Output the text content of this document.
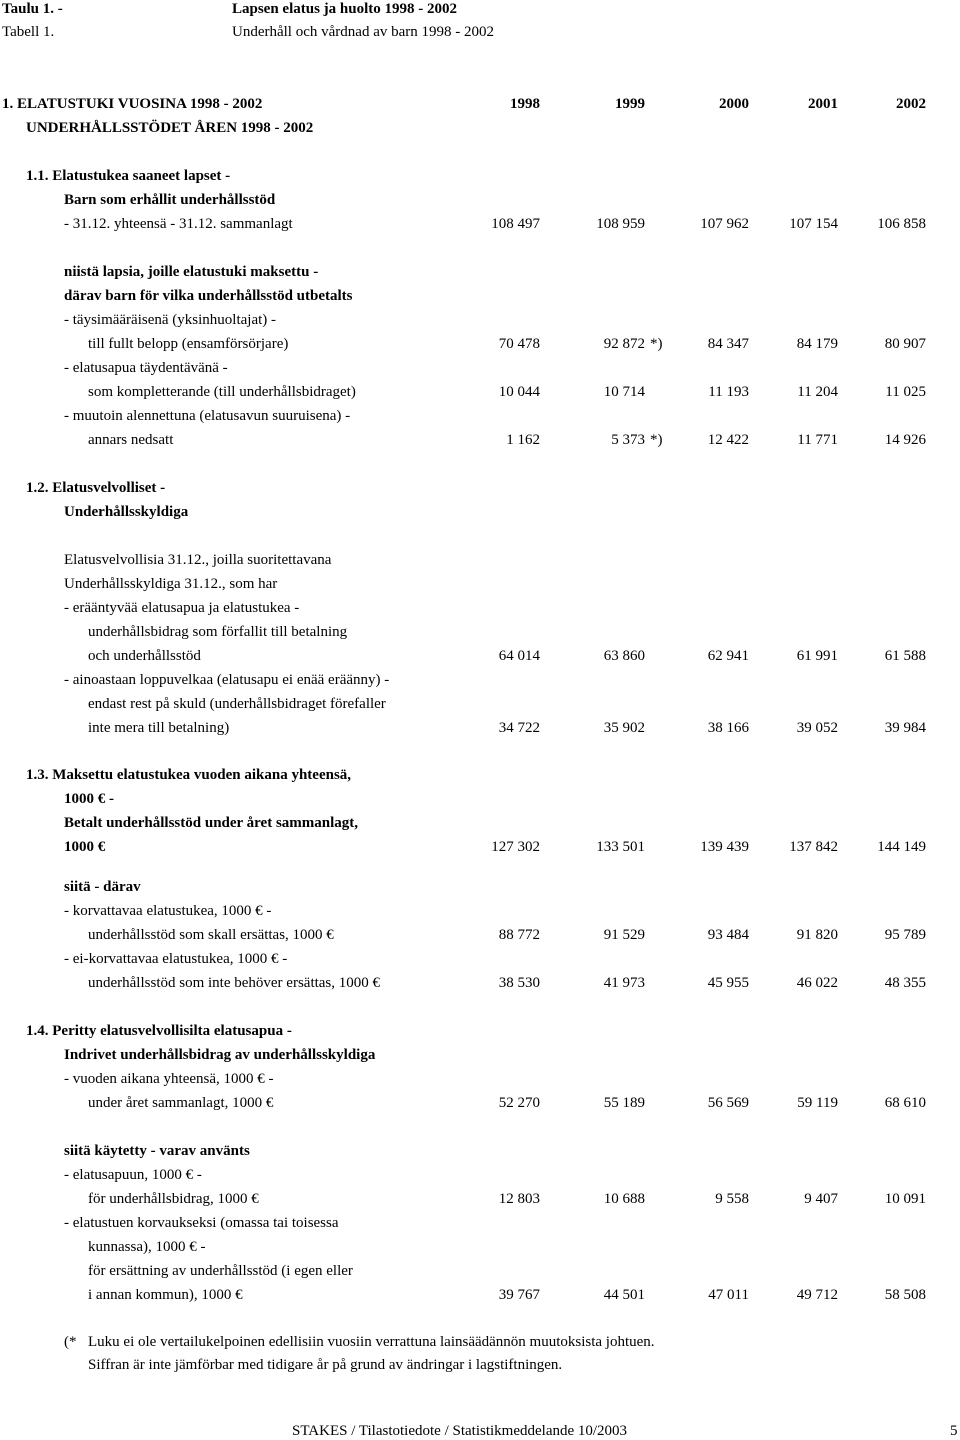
Taulu 1. -
Tabell 1.
Lapsen elatus ja huolto 1998 - 2002
Underhåll och vårdnad av barn 1998 - 2002
1. ELATUSTUKI VUOSINA 1998 - 2002
UNDERHÅLLSSTÖDET ÅREN 1998 - 2002
1998	1999	2000	2001	2002
1.1. Elatustukea saaneet lapset -
Barn som erhållit underhållsstöd
- 31.12. yhteensä - 31.12. sammanlagt	108 497	108 959	107 962	107 154	106 858
niistä lapsia, joille elatustuki maksettu -
därav barn för vilka underhållsstöd utbetalts
- täysimääräisenä (yksinhuoltajat) -
till fullt belopp (ensamförsörjare)	70 478	92 872	84 347	84 179	80 907
*)
- elatusapua täydentävänä -
som kompletterande (till underhållsbidraget)	10 044	10 714	11 193	11 204	11 025
- muutoin alennettuna (elatusavun suuruisena) -
annars nedsatt	1 162	5 373	12 422	11 771	14 926
*)
1.2. Elatusvelvolliset -
Underhållsskyldiga
Elatusvelvollisia 31.12., joilla suoritettavana
Underhållsskyldiga 31.12., som har
- erääntyvää elatusapua ja elatustukea -
underhållsbidrag som förfallit till betalning
och underhållsstöd	64 014	63 860	62 941	61 991	61 588
- ainoastaan loppuvelkaa (elatusapu ei enää eräänny) -
endast rest på skuld (underhållsbidraget förefaller
inte mera till betalning)	34 722	35 902	38 166	39 052	39 984
1.3. Maksettu elatustukea vuoden aikana yhteensä,
1000 € -
Betalt underhållsstöd under året sammanlagt,
1000 €	127 302	133 501	139 439	137 842	144 149
siitä - därav
- korvattavaa elatustukea, 1000 € -
underhållsstöd som skall ersättas, 1000 €	88 772	91 529	93 484	91 820	95 789
- ei-korvattavaa elatustukea, 1000 € -
underhållsstöd som inte behöver ersättas, 1000 €	38 530	41 973	45 955	46 022	48 355
1.4. Peritty elatusvelvollisilta elatusapua -
Indrivet underhållsbidrag av underhållsskyldiga
- vuoden aikana yhteensä, 1000 € -
under året sammanlagt, 1000 €	52 270	55 189	56 569	59 119	68 610
siitä käytetty - varav använts
- elatusapuun, 1000 € -
för underhållsbidrag, 1000 €	12 803	10 688	9 558	9 407	10 091
- elatustuen korvaukseksi (omassa tai toisessa
kunnassa), 1000 € -
för ersättning av underhållsstöd (i egen eller
i annan kommun), 1000 €	39 767	44 501	47 011	49 712	58 508
(* Luku ei ole vertailukelpoinen edellisiin vuosiin verrattuna lainsäädännön muutoksista johtuen.
Siffran är inte jämförbar med tidigare år på grund av ändringar i lagstiftningen.
STAKES / Tilastotiedote / Statistikmeddelande 10/2003	5
